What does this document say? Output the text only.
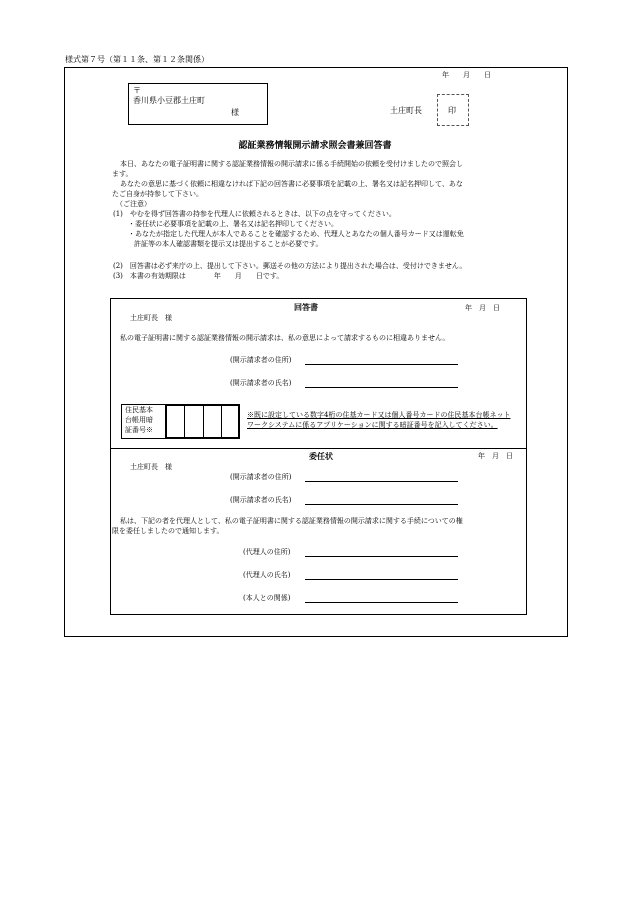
様式第７号（第１１条、第１２条関係）
年　　月　　日
〒
香川県小豆郡土庄町
様	土庄町長	印
認証業務情報開示請求照会書兼回答書
本日、あなたの電子証明書に関する認証業務情報の開示請求に係る手続開始の依頼を受付けましたので照会し
ます。
あなたの意思に基づく依頼に相違なければ下記の回答書に必要事項を記載の上、署名又は記名押印して、あな
たご自身が持参して下さい。
（ご注意）
(1)　やむを得ず回答書の持参を代理人に依頼されるときは、以下の点を守ってください。
・委任状に必要事項を記載の上、署名又は記名押印してください。
・あなたが指定した代理人が本人であることを確認するため、代理人とあなたの個人番号カード又は運転免
許証等の本人確認書類を提示又は提出することが必要です。
(2)　回答書は必ず来庁の上、提出して下さい。郵送その他の方法により提出された場合は、受付けできません。
(3)　本書の有効期限は　　　　年　　月　　日です。
回答書	年　月　日
土庄町長　様
私の電子証明書に関する認証業務情報の開示請求は、私の意思によって請求するものに相違ありません。
(開示請求者の住所)
(開示請求者の氏名)
住民基本
台帳用暗
証番号※
※既に設定している数字4桁の住基カード又は個人番号カードの住民基本台帳ネット
ワークシステムに係るアプリケーションに関する暗証番号を記入してください。
委任状	年　月　日
土庄町長　様
(開示請求者の住所)
(開示請求者の氏名)
私は、下記の者を代理人として、私の電子証明書に関する認証業務情報の開示請求に関する手続についての権
限を委任しましたので通知します。
(代理人の住所)
(代理人の氏名)
(本人との関係)
